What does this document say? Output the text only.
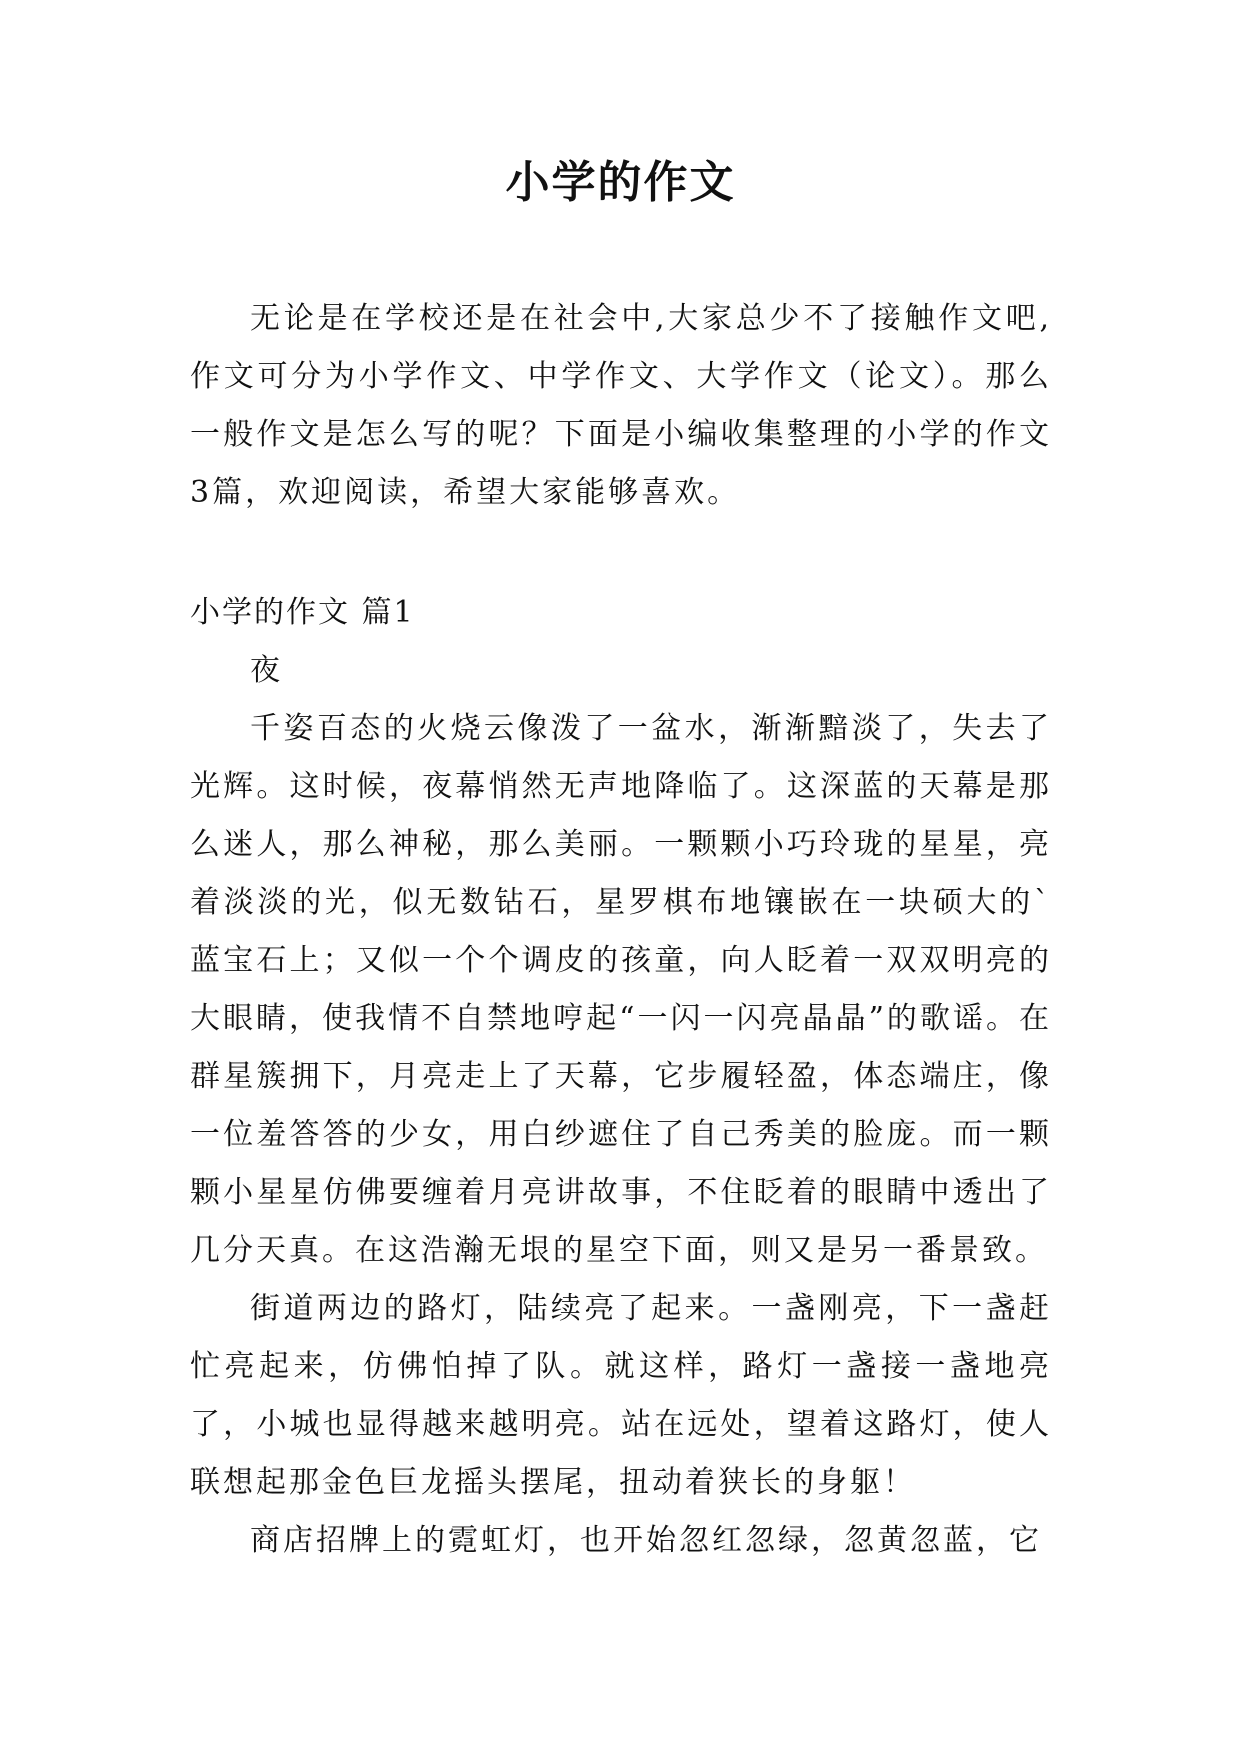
小学的作文

无论是在学校还是在社会中,大家总少不了接触作文吧,作文可分为小学作文、中学作文、大学作文（论文）。那么一般作文是怎么写的呢？下面是小编收集整理的小学的作文3篇，欢迎阅读，希望大家能够喜欢。

小学的作文 篇1

夜

千姿百态的火烧云像泼了一盆水，渐渐黯淡了，失去了光辉。这时候，夜幕悄然无声地降临了。这深蓝的天幕是那么迷人，那么神秘，那么美丽。一颗颗小巧玲珑的星星，亮着淡淡的光，似无数钻石，星罗棋布地镶嵌在一块硕大的`蓝宝石上；又似一个个调皮的孩童，向人眨着一双双明亮的大眼睛，使我情不自禁地哼起“一闪一闪亮晶晶”的歌谣。在群星簇拥下，月亮走上了天幕，它步履轻盈，体态端庄，像一位羞答答的少女，用白纱遮住了自己秀美的脸庞。而一颗颗小星星仿佛要缠着月亮讲故事，不住眨着的眼睛中透出了几分天真。在这浩瀚无垠的星空下面，则又是另一番景致。

街道两边的路灯，陆续亮了起来。一盏刚亮，下一盏赶忙亮起来，仿佛怕掉了队。就这样，路灯一盏接一盏地亮了，小城也显得越来越明亮。站在远处，望着这路灯，使人联想起那金色巨龙摇头摆尾，扭动着狭长的身躯！

商店招牌上的霓虹灯，也开始忽红忽绿，忽黄忽蓝，它
